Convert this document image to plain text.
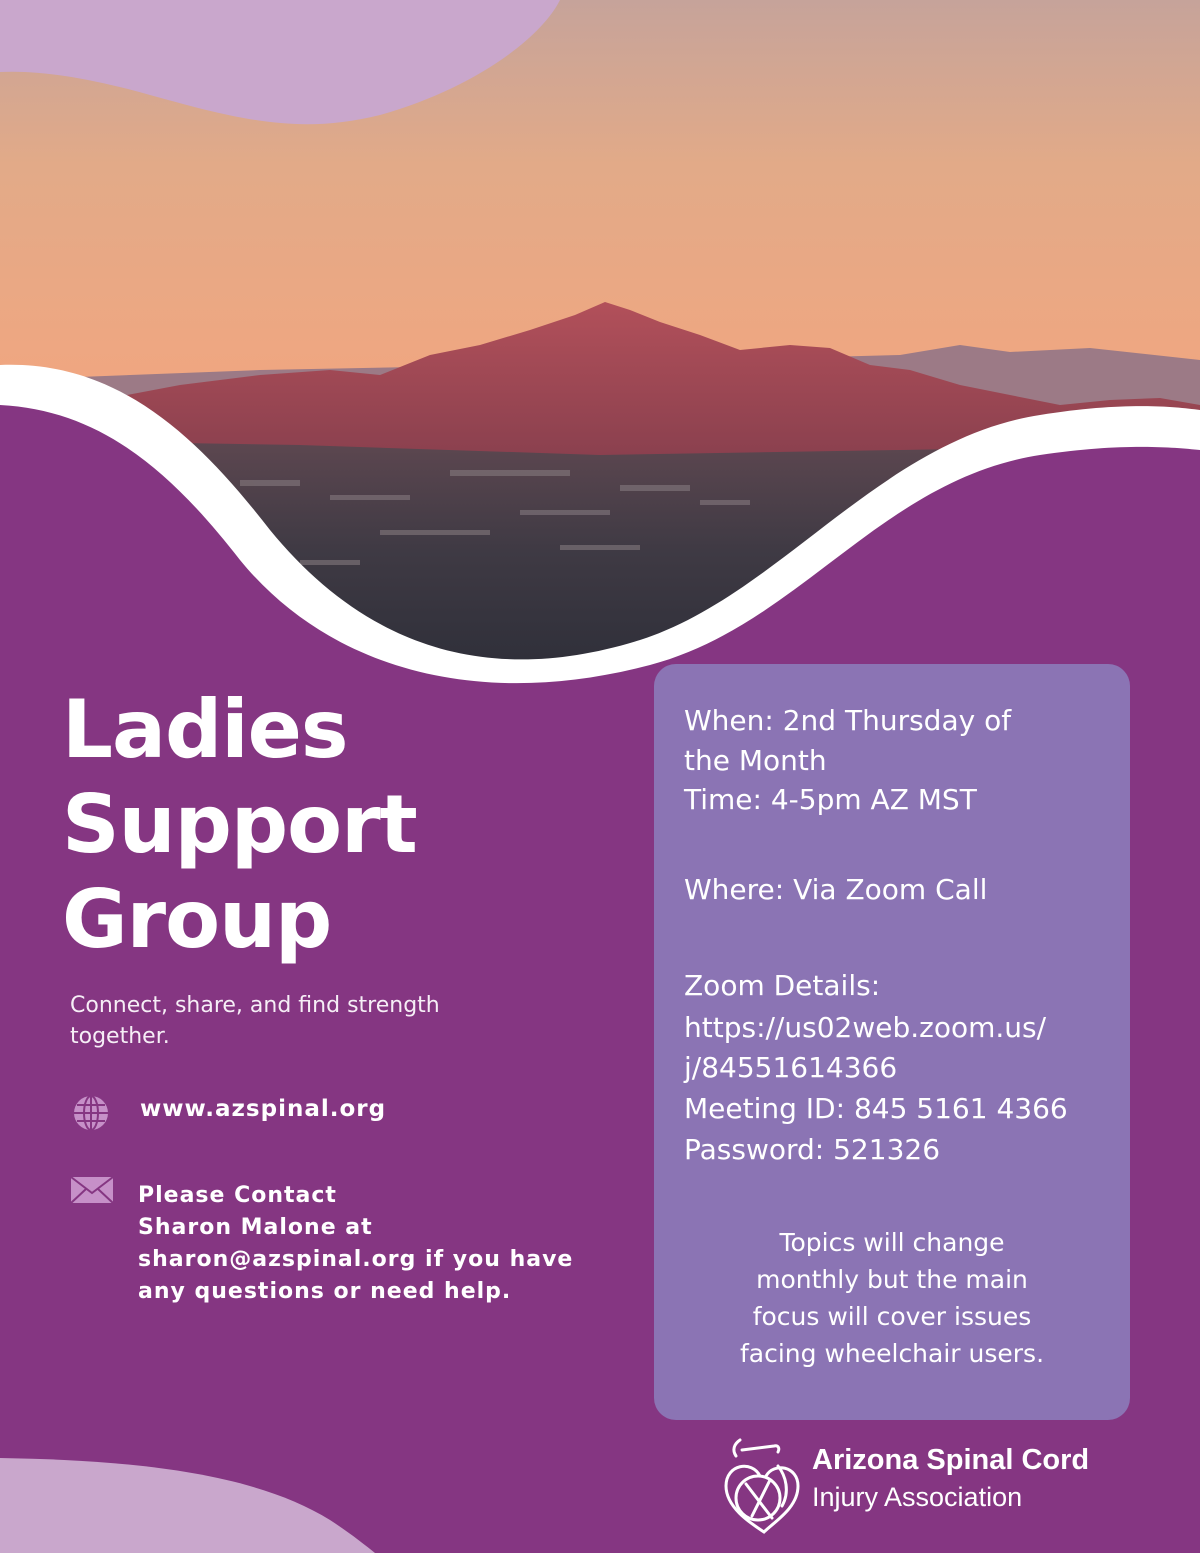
Ladies
Support
Group

Connect, share, and find strength together.

www.azspinal.org

Please Contact
Sharon Malone at
sharon@azspinal.org if you have
any questions or need help.

When: 2nd Thursday of
the Month
Time: 4-5pm AZ MST
Where: Via Zoom Call
Zoom Details:
https://us02web.zoom.us/
j/84551614366
Meeting ID: 845 5161 4366
Password: 521326
Topics will change
monthly but the main
focus will cover issues
facing wheelchair users.
Arizona Spinal Cord
Injury Association
